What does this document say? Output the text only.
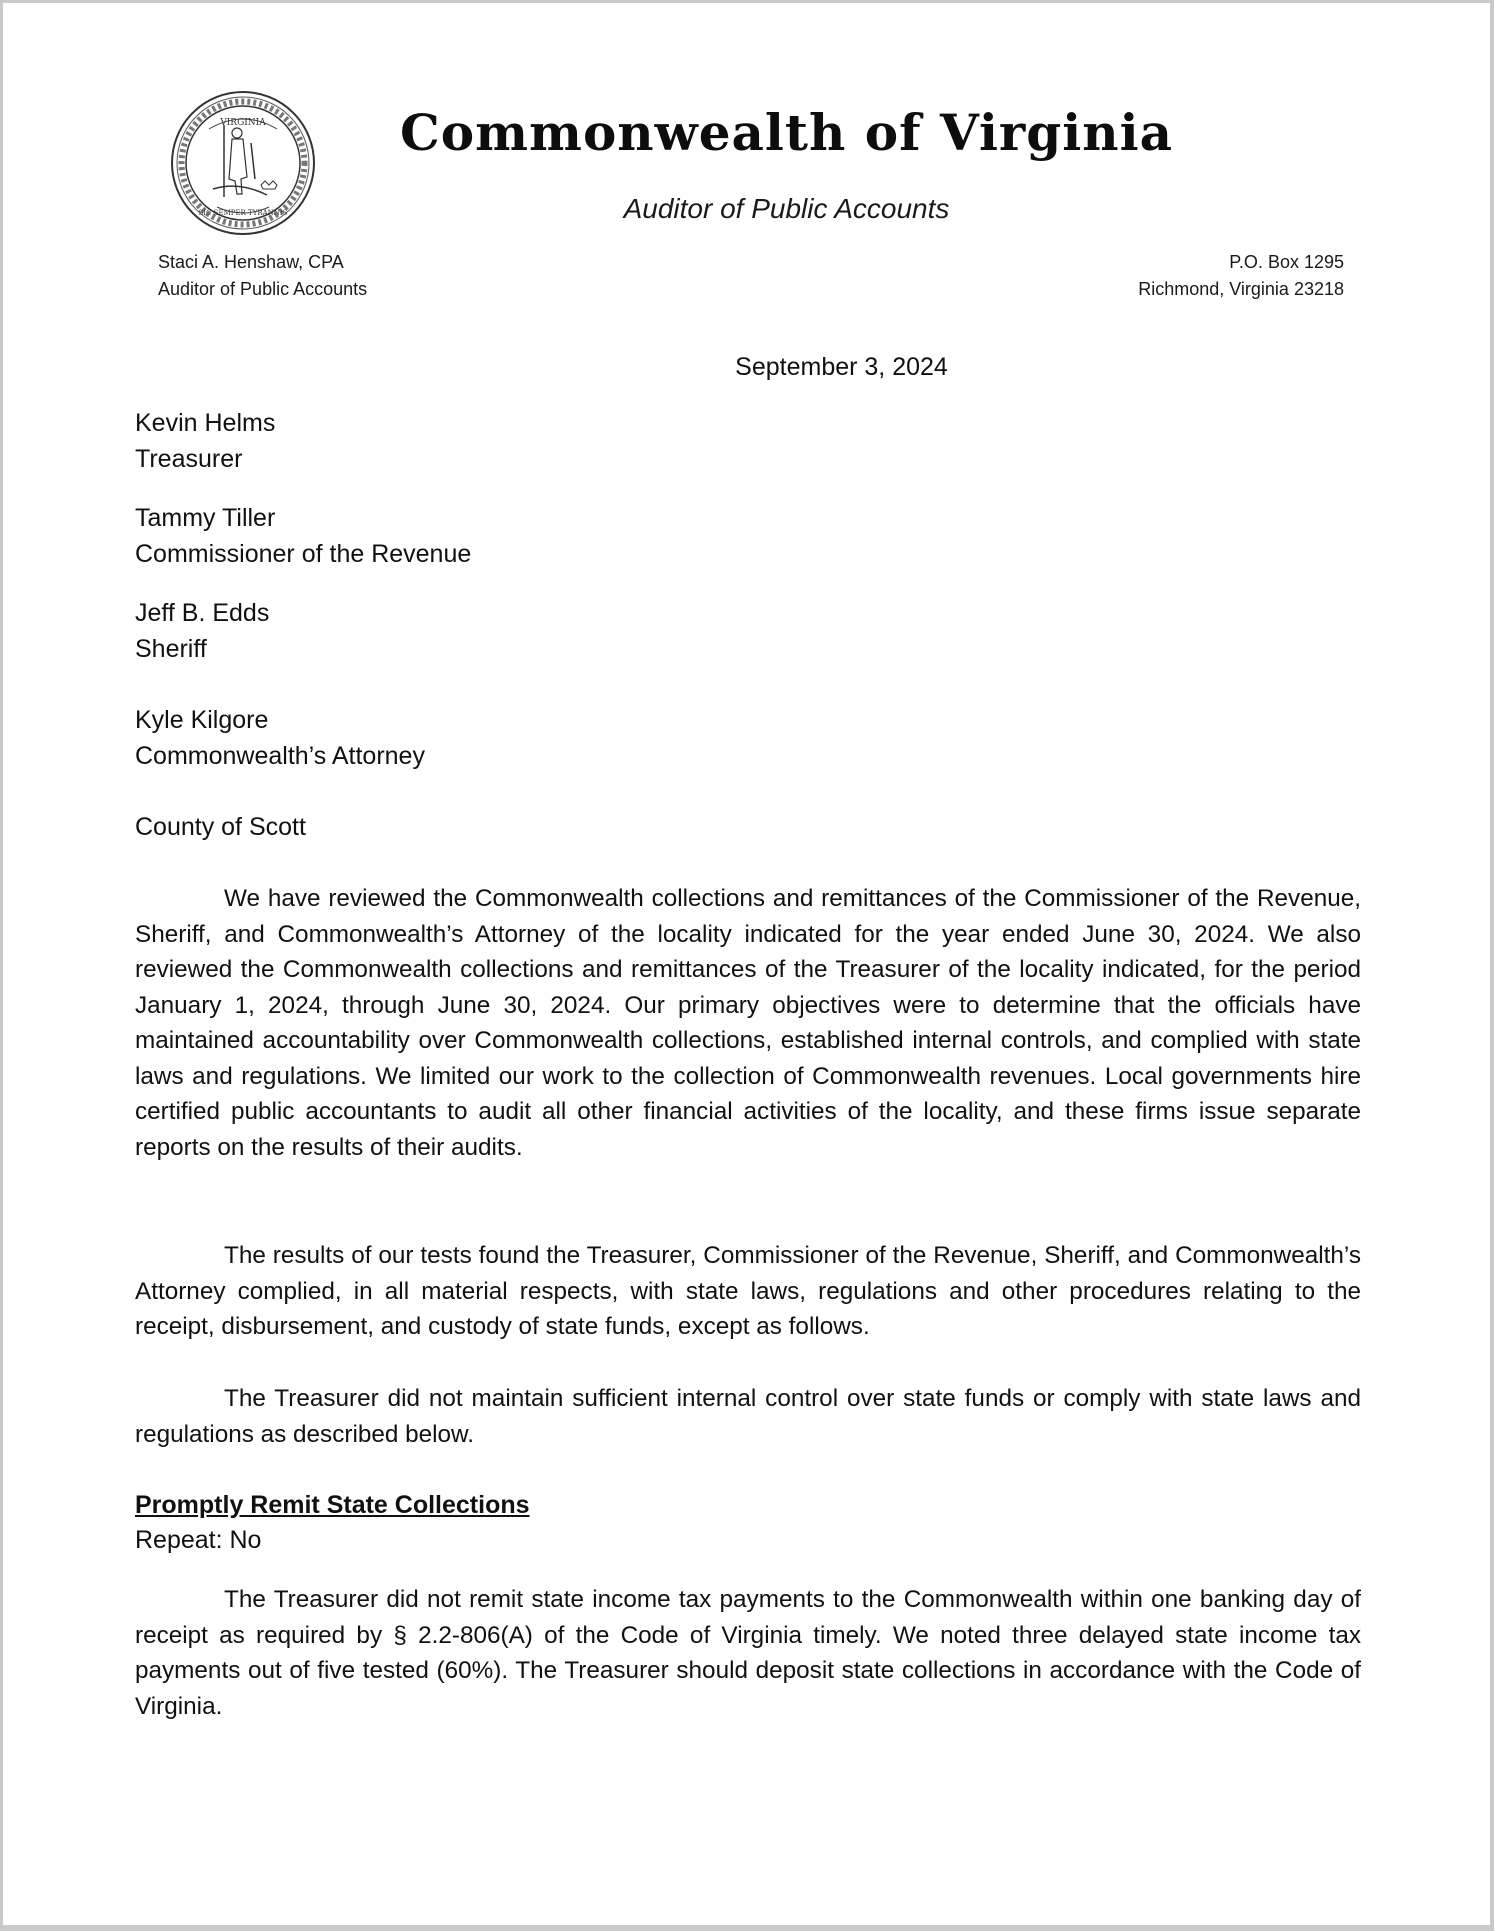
VIRGINIA
SIC SEMPER TYRANNIS
Commonwealth of Virginia
Auditor of Public Accounts
Staci A. Henshaw, CPA
Auditor of Public Accounts
P.O. Box 1295
Richmond, Virginia 23218
September 3, 2024
Kevin Helms
Treasurer
Tammy Tiller
Commissioner of the Revenue
Jeff B. Edds
Sheriff
Kyle Kilgore
Commonwealth’s Attorney
County of Scott
We have reviewed the Commonwealth collections and remittances of the Commissioner of the Revenue, Sheriff, and Commonwealth’s Attorney of the locality indicated for the year ended June 30, 2024. We also reviewed the Commonwealth collections and remittances of the Treasurer of the locality indicated, for the period January 1, 2024, through June 30, 2024. Our primary objectives were to determine that the officials have maintained accountability over Commonwealth collections, established internal controls, and complied with state laws and regulations. We limited our work to the collection of Commonwealth revenues. Local governments hire certified public accountants to audit all other financial activities of the locality, and these firms issue separate reports on the results of their audits.
The results of our tests found the Treasurer, Commissioner of the Revenue, Sheriff, and Commonwealth’s Attorney complied, in all material respects, with state laws, regulations and other procedures relating to the receipt, disbursement, and custody of state funds, except as follows.
The Treasurer did not maintain sufficient internal control over state funds or comply with state laws and regulations as described below.
Promptly Remit State Collections
Repeat: No
The Treasurer did not remit state income tax payments to the Commonwealth within one banking day of receipt as required by § 2.2-806(A) of the Code of Virginia timely. We noted three delayed state income tax payments out of five tested (60%). The Treasurer should deposit state collections in accordance with the Code of Virginia.
